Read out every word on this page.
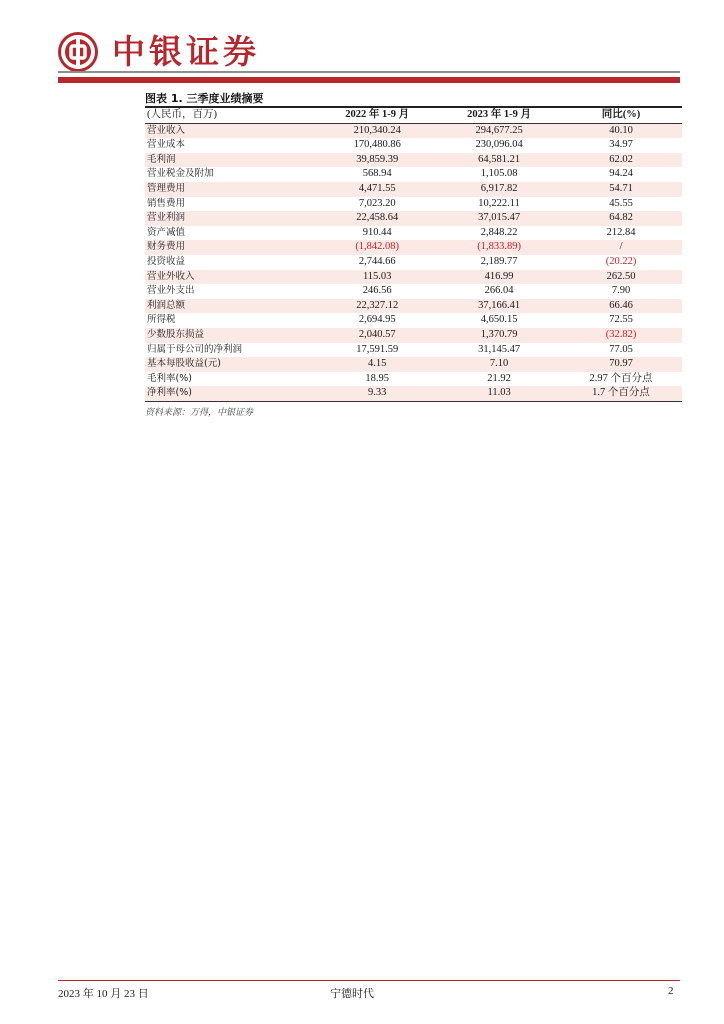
中银证券
图表 1. 三季度业绩摘要
(人民币，百万)	2022 年 1-9 月	2023 年 1-9 月	同比(%)
营业收入	210,340.24	294,677.25	40.10
营业成本	170,480.86	230,096.04	34.97
毛利润	39,859.39	64,581.21	62.02
营业税金及附加	568.94	1,105.08	94.24
管理费用	4,471.55	6,917.82	54.71
销售费用	7,023.20	10,222.11	45.55
营业利润	22,458.64	37,015.47	64.82
资产减值	910.44	2,848.22	212.84
财务费用	(1,842.08)	(1,833.89)	/
投资收益	2,744.66	2,189.77	(20.22)
营业外收入	115.03	416.99	262.50
营业外支出	246.56	266.04	7.90
利润总额	22,327.12	37,166.41	66.46
所得税	2,694.95	4,650.15	72.55
少数股东损益	2,040.57	1,370.79	(32.82)
归属于母公司的净利润	17,591.59	31,145.47	77.05
基本每股收益(元)	4.15	7.10	70.97
毛利率(%)	18.95	21.92	2.97 个百分点
净利率(%)	9.33	11.03	1.7 个百分点
资料来源：万得，中银证券
2023 年 10 月 23 日	宁德时代	2
